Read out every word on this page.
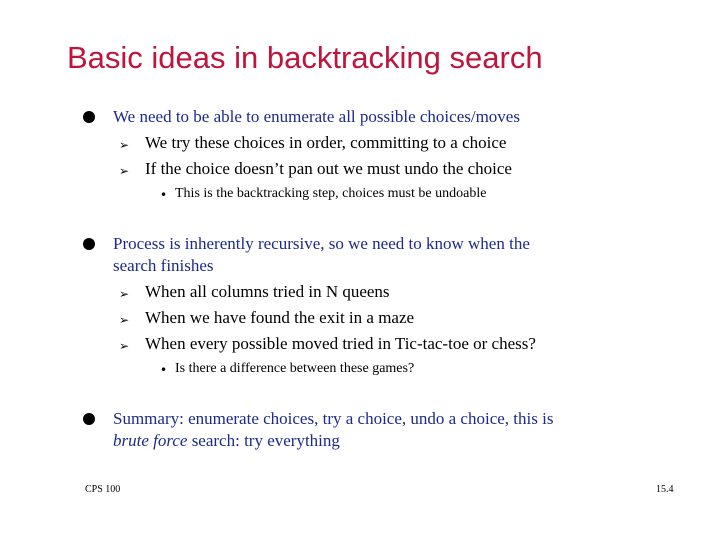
Basic ideas in backtracking search
We need to be able to enumerate all possible choices/moves
➢ We try these choices in order, committing to a choice
➢ If the choice doesn’t pan out we must undo the choice
• This is the backtracking step, choices must be undoable
Process is inherently recursive, so we need to know when the
search finishes
➢ When all columns tried in N queens
➢ When we have found the exit in a maze
➢ When every possible moved tried in Tic-tac-toe or chess?
• Is there a difference between these games?
Summary: enumerate choices, try a choice, undo a choice, this is
brute force search: try everything
CPS 100	15.4
